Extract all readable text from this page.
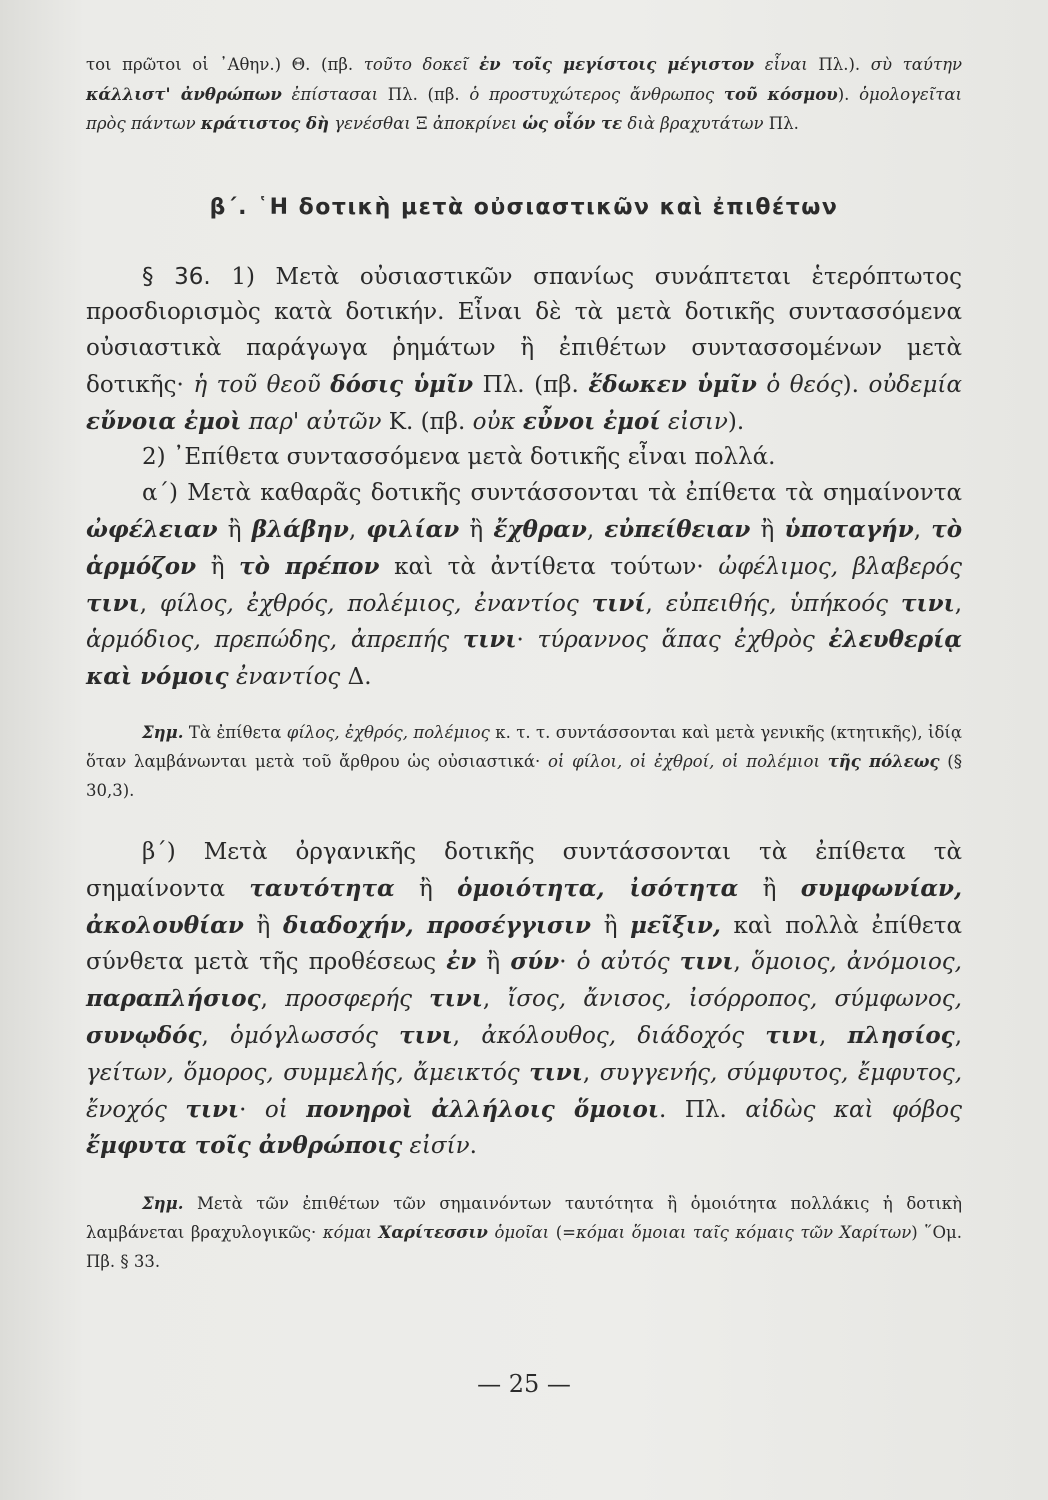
τοι πρῶτοι οἱ ᾿Αθην.) Θ. (πβ. τοῦτο δοκεῖ ἐν τοῖς μεγίστοις μέγιστον εἶναι Πλ.). σὺ ταύτην κάλλιστ' ἀνθρώπων ἐπίστασαι Πλ. (πβ. ὁ προστυχώτερος ἄνθρωπος τοῦ κόσμου). ὁμολογεῖται πρὸς πάντων κράτιστος δὴ γενέσθαι Ξ ἀποκρίνει ὡς οἷόν τε διὰ βραχυτάτων Πλ.

β΄. ῾Η δοτικὴ μετὰ οὐσιαστικῶν καὶ ἐπιθέτων

§ 36. 1) Μετὰ οὐσιαστικῶν σπανίως συνάπτεται ἑτερόπτωτος προσδιορισμὸς κατὰ δοτικήν. Εἶναι δὲ τὰ μετὰ δοτικῆς συντασσόμενα οὐσιαστικὰ παράγωγα ῥημάτων ἢ ἐπιθέτων συντασσομένων μετὰ δοτικῆς· ἡ τοῦ θεοῦ δόσις ὑμῖν Πλ. (πβ. ἔδωκεν ὑμῖν ὁ θεός). οὐδεμία εὔνοια ἐμοὶ παρ' αὐτῶν Κ. (πβ. οὐκ εὖνοι ἐμοί εἰσιν).

2) ᾿Επίθετα συντασσόμενα μετὰ δοτικῆς εἶναι πολλά.

α΄) Μετὰ καθαρᾶς δοτικῆς συντάσσονται τὰ ἐπίθετα τὰ σημαίνοντα ὠφέλειαν ἢ βλάβην, φιλίαν ἢ ἔχθραν, εὐπείθειαν ἢ ὑποταγήν, τὸ ἁρμόζον ἢ τὸ πρέπον καὶ τὰ ἀντίθετα τούτων· ὠφέλιμος, βλαβερός τινι, φίλος, ἐχθρός, πολέμιος, ἐναντίος τινί, εὐπειθής, ὑπήκοός τινι, ἁρμόδιος, πρεπώδης, ἀπρεπής τινι· τύραννος ἅπας ἐχθρὸς ἐλευθερίᾳ καὶ νόμοις ἐναντίος Δ.

Σημ. Τὰ ἐπίθετα φίλος, ἐχθρός, πολέμιος κ. τ. τ. συντάσσονται καὶ μετὰ γενικῆς (κτητικῆς), ἰδίᾳ ὅταν λαμβάνωνται μετὰ τοῦ ἄρθρου ὡς οὐσιαστικά· οἱ φίλοι, οἱ ἐχθροί, οἱ πολέμιοι τῆς πόλεως (§ 30,3).

β΄) Μετὰ ὀργανικῆς δοτικῆς συντάσσονται τὰ ἐπίθετα τὰ σημαίνοντα ταυτότητα ἢ ὁμοιότητα, ἰσότητα ἢ συμφωνίαν, ἀκολουθίαν ἢ διαδοχήν, προσέγγισιν ἢ μεῖξιν, καὶ πολλὰ ἐπίθετα σύνθετα μετὰ τῆς προθέσεως ἐν ἢ σύν· ὁ αὐτός τινι, ὅμοιος, ἀνόμοιος, παραπλήσιος, προσφερής τινι, ἴσος, ἄνισος, ἰσόρροπος, σύμφωνος, συνῳδός, ὁμόγλωσσός τινι, ἀκόλουθος, διάδοχός τινι, πλησίος, γείτων, ὅμορος, συμμελής, ἄμεικτός τινι, συγγενής, σύμφυτος, ἔμφυτος, ἔνοχός τινι· οἱ πονηροὶ ἀλλήλοις ὅμοιοι. Πλ. αἰδὼς καὶ φόβος ἔμφυτα τοῖς ἀνθρώποις εἰσίν.

Σημ. Μετὰ τῶν ἐπιθέτων τῶν σημαινόντων ταυτότητα ἢ ὁμοιότητα πολλάκις ἡ δοτικὴ λαμβάνεται βραχυλογικῶς· κόμαι Χαρίτεσσιν ὁμοῖαι (=κόμαι ὅμοιαι ταῖς κόμαις τῶν Χαρίτων) ῞Ομ. Πβ. § 33.

— 25 —
